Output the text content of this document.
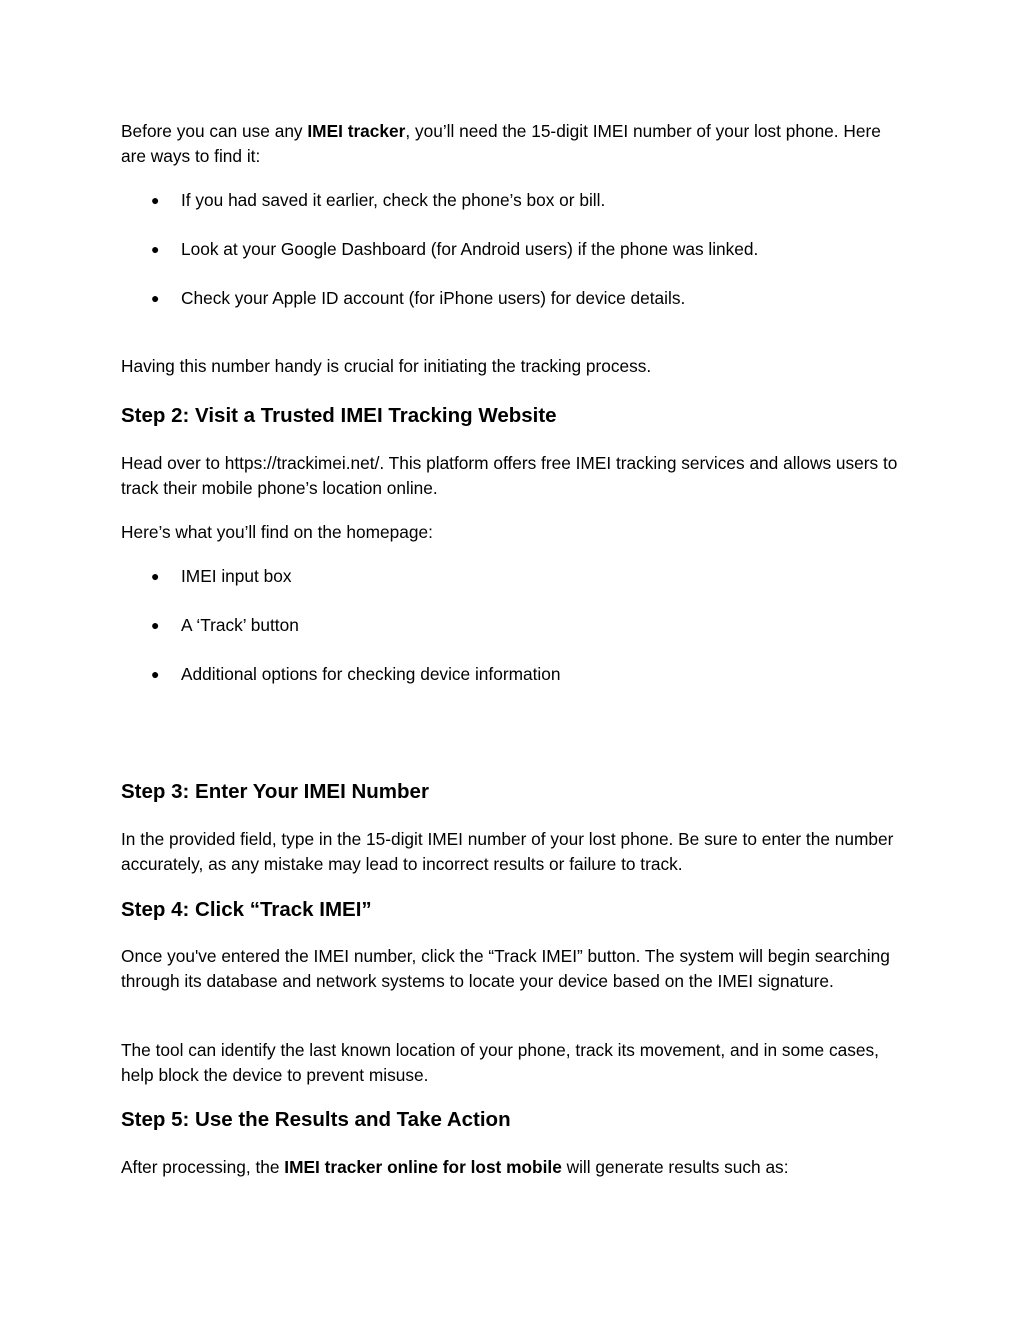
Before you can use any IMEI tracker, you’ll need the 15-digit IMEI number of your lost phone. Here are ways to find it:

● If you had saved it earlier, check the phone’s box or bill.
● Look at your Google Dashboard (for Android users) if the phone was linked.
● Check your Apple ID account (for iPhone users) for device details.

Having this number handy is crucial for initiating the tracking process.

Step 2: Visit a Trusted IMEI Tracking Website

Head over to https://trackimei.net/. This platform offers free IMEI tracking services and allows users to track their mobile phone’s location online.

Here’s what you’ll find on the homepage:

● IMEI input box
● A ‘Track’ button
● Additional options for checking device information
Step 3: Enter Your IMEI Number

In the provided field, type in the 15-digit IMEI number of your lost phone. Be sure to enter the number accurately, as any mistake may lead to incorrect results or failure to track.

Step 4: Click “Track IMEI”

Once you've entered the IMEI number, click the “Track IMEI” button. The system will begin searching through its database and network systems to locate your device based on the IMEI signature.

The tool can identify the last known location of your phone, track its movement, and in some cases, help block the device to prevent misuse.

Step 5: Use the Results and Take Action

After processing, the IMEI tracker online for lost mobile will generate results such as:
